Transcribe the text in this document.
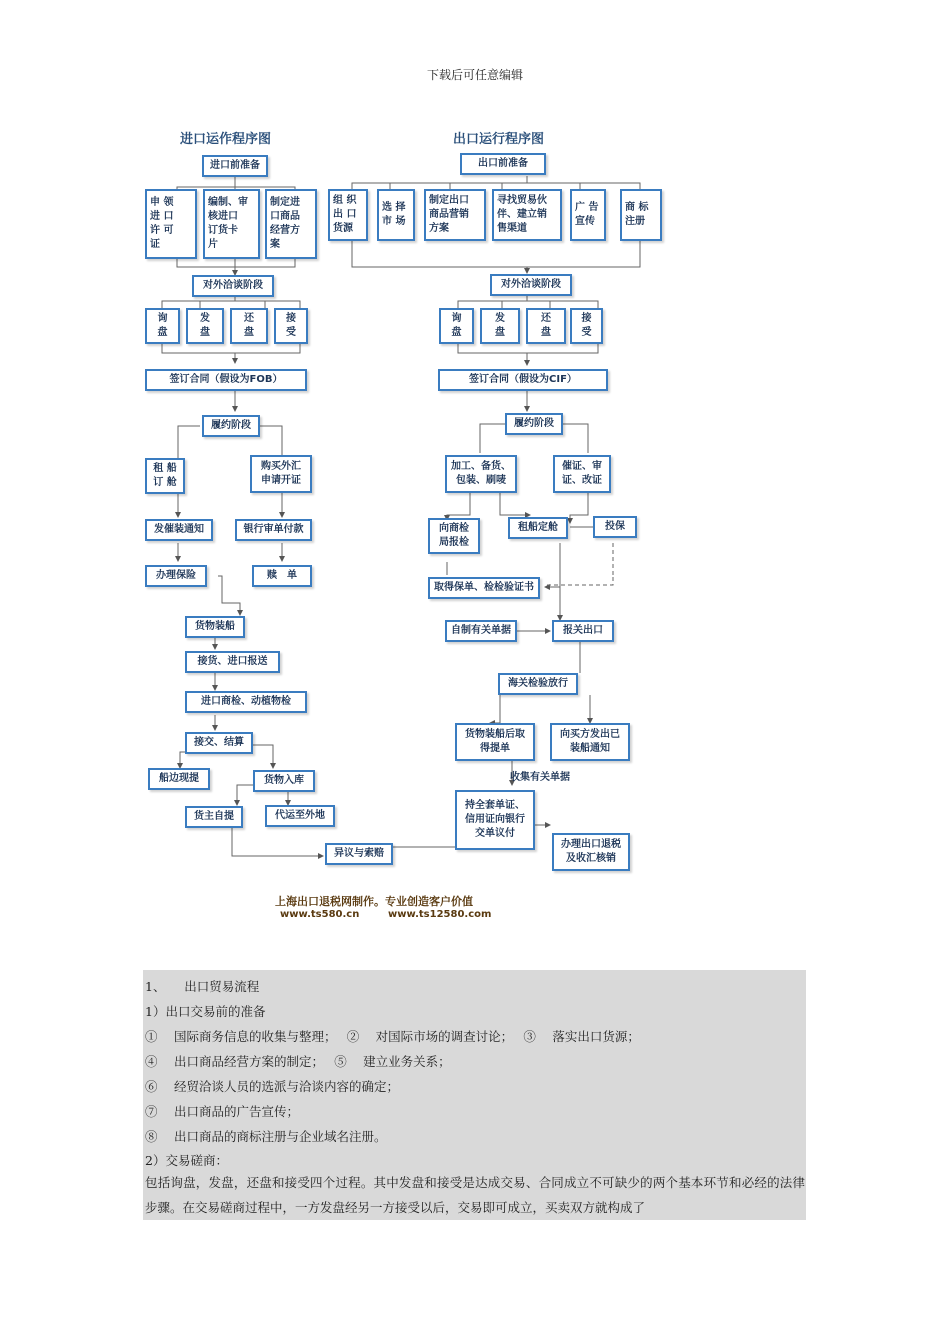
下载后可任意编辑
进口运作程序图	出口运行程序图
进口前准备
申 领
进 口
许 可
证
编制、审
核进口
订货卡
片
制定进
口商品
经营方
案
对外洽谈阶段
询
盘
发
盘
还
盘
接
受
签订合同（假设为FOB）
履约阶段
租 船
订 舱
购买外汇
申请开证
发催装通知	银行审单付款
办理保险	赎　单
货物装船
接货、进口报送
进口商检、动植物检
接交、结算
船边现提	货物入库
货主自提	代运至外地
异议与索赔
出口前准备
组 织
出 口
货源
选 择
市 场
制定出口
商品营销
方案
寻找贸易伙
伴、建立销
售渠道
广 告
宣传
商 标
注册
对外洽谈阶段
询
盘
发
盘
还
盘
接
受
签订合同（假设为CIF）
履约阶段
加工、备货、
包装、刷唛
催证、审
证、改证
向商检
局报检
租船定舱	投保
取得保单、检检验证书
自制有关单据	报关出口
海关检验放行
货物装船后取
得提单
向买方发出已
装船通知
收集有关单据
持全套单证、
信用证向银行
交单议付
办理出口退税
及收汇核销
上海出口退税网制作。专业创造客户价值
www.ts580.cn	www.ts12580.com
1、　　出口贸易流程
1）出口交易前的准备
①　 国际商务信息的收集与整理；　 ②　 对国际市场的调查讨论；　 ③　 落实出口货源；
④　 出口商品经营方案的制定；　 ⑤　 建立业务关系；
⑥　 经贸洽谈人员的选派与洽谈内容的确定；
⑦　 出口商品的广告宣传；
⑧　 出口商品的商标注册与企业域名注册。
2）交易磋商：
包括询盘，发盘，还盘和接受四个过程。其中发盘和接受是达成交易、合同成立不可缺少的两个基本环节和必经的法律步骤。在交易磋商过程中，一方发盘经另一方接受以后，交易即可成立，买卖双方就构成了
